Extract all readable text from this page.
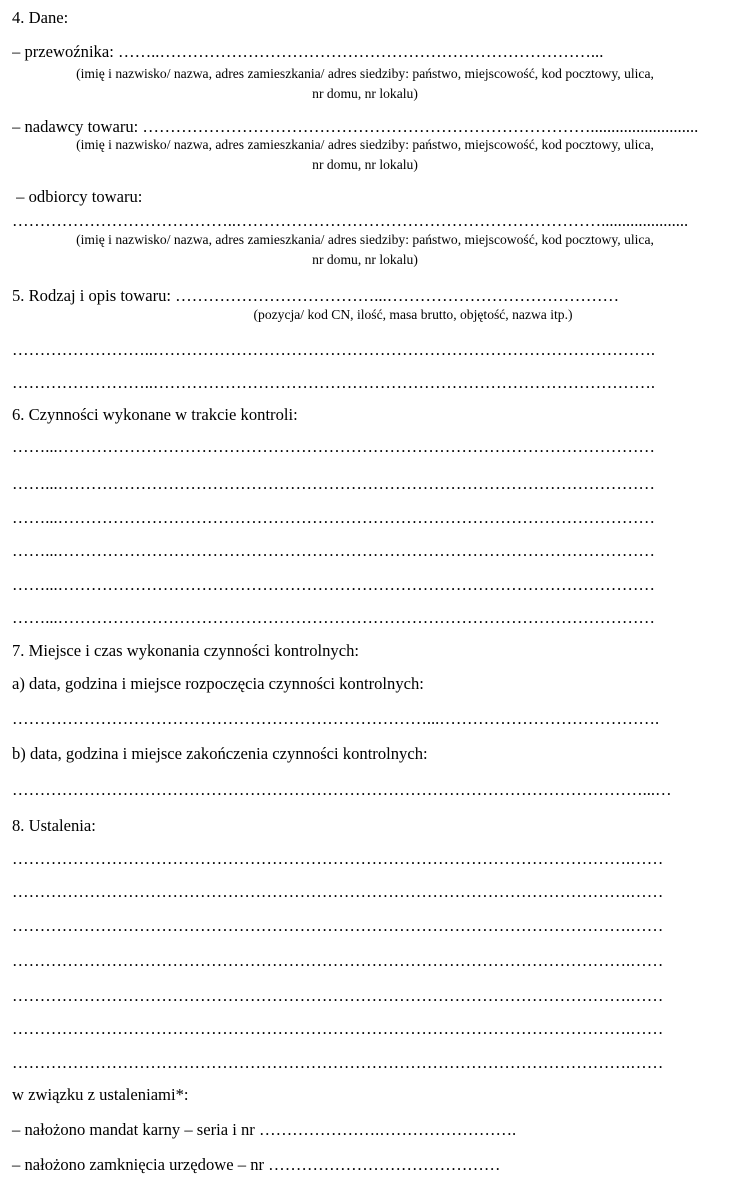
4. Dane:
– przewoźnika: ……..……………………………………………………………………...
(imię i nazwisko/ nazwa, adres zamieszkania/ adres siedziby: państwo, miejscowość, kod pocztowy, ulica,
nr domu, nr lokalu)
– nadawcy towaru: ………………………………………………………………………..........................
(imię i nazwisko/ nazwa, adres zamieszkania/ adres siedziby: państwo, miejscowość, kod pocztowy, ulica,
nr domu, nr lokalu)
– odbiorcy towaru:
…………………………………..………………………………………………………….....................
(imię i nazwisko/ nazwa, adres zamieszkania/ adres siedziby: państwo, miejscowość, kod pocztowy, ulica,
nr domu, nr lokalu)
5. Rodzaj i opis towaru: ………………………………...……………………………………
(pozycja/ kod CN, ilość, masa brutto, objętość, nazwa itp.)
……………………..……………………………………………………………………………….
……………………..……………………………………………………………………………….
6. Czynności wykonane w trakcie kontroli:
……...………………………………………………………………………………………………
……...………………………………………………………………………………………………
……...………………………………………………………………………………………………
……...………………………………………………………………………………………………
……...………………………………………………………………………………………………
……...………………………………………………………………………………………………
7. Miejsce i czas wykonania czynności kontrolnych:
a) data, godzina i miejsce rozpoczęcia czynności kontrolnych:
…………………………………………………………………...………………………………….
b) data, godzina i miejsce zakończenia czynności kontrolnych:
……………………………………………………………………………………………………...…
8. Ustalenia:
………………………………………………………………………………………………….……
………………………………………………………………………………………………….……
………………………………………………………………………………………………….……
………………………………………………………………………………………………….……
………………………………………………………………………………………………….……
………………………………………………………………………………………………….……
………………………………………………………………………………………………….……
w związku z ustaleniami*:
– nałożono mandat karny – seria i nr ………………….…………………….
– nałożono zamknięcia urzędowe – nr ……………………………………
